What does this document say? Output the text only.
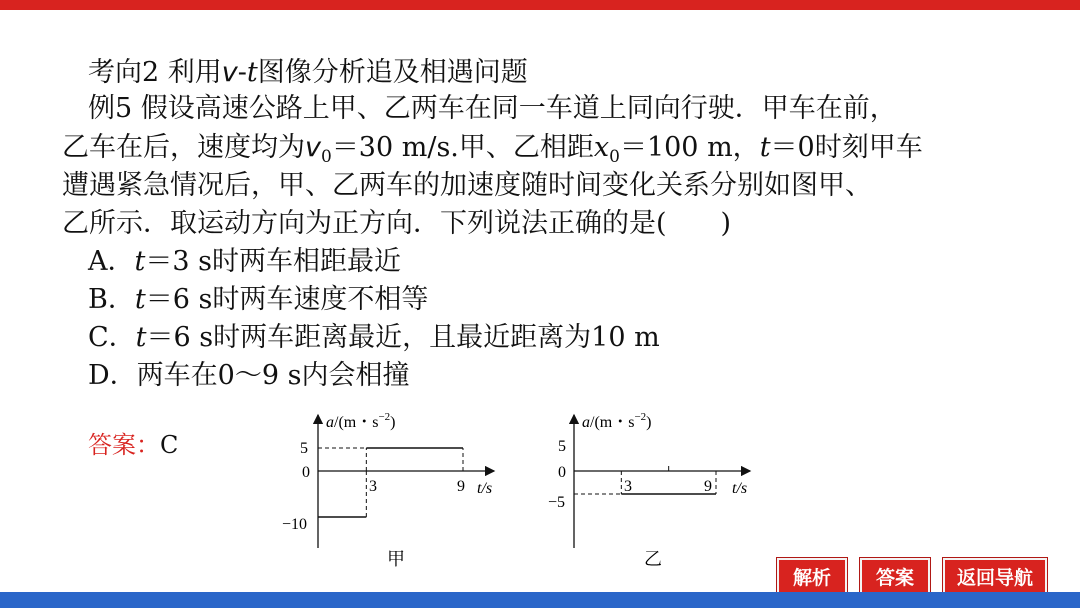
考向2 利用v-t图像分析追及相遇问题
例5 假设高速公路上甲、乙两车在同一车道上同向行驶．甲车在前，
乙车在后，速度均为$v_0=30$ m/s.甲、乙相距$x_0=100$ m，t＝0时刻甲车
遭遇紧急情况后，甲、乙两车的加速度随时间变化关系分别如图甲、
乙所示．取运动方向为正方向．下列说法正确的是(　　)
A．t＝3 s时两车相距最近
B．t＝6 s时两车速度不相等
C．t＝6 s时两车距离最近，且最近距离为10 m
D．两车在0～9 s内会相撞
答案：C
a/(m・$s^{-2}$)
t/s
5
0
−10
3	9
甲
a/(m・$s^{-2}$)
t/s
5
0
−5
3	9
乙
解析	答案	返回导航
